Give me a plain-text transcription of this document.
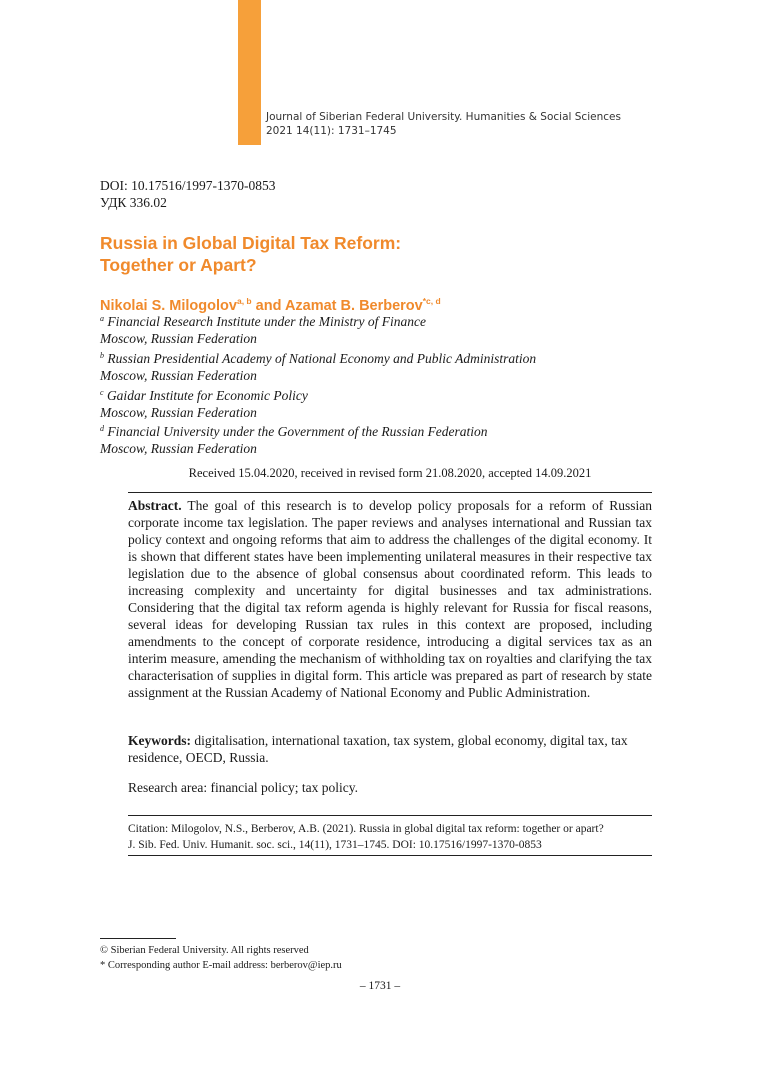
Journal of Siberian Federal University. Humanities & Social Sciences
2021 14(11): 1731–1745
DOI: 10.17516/1997-1370-0853
УДК 336.02
Russia in Global Digital Tax Reform:
Together or Apart?
Nikolai S. Milogolov$^{a, b}$ and Azamat B. Berberov$^{*c, d}$
$^a$ Financial Research Institute under the Ministry of Finance
Moscow, Russian Federation
$^b$ Russian Presidential Academy of National Economy and Public Administration
Moscow, Russian Federation
$^c$ Gaidar Institute for Economic Policy
Moscow, Russian Federation
$^d$ Financial University under the Government of the Russian Federation
Moscow, Russian Federation
Received 15.04.2020, received in revised form 21.08.2020, accepted 14.09.2021
Abstract. The goal of this research is to develop policy proposals for a reform of Russian corporate income tax legislation. The paper reviews and analyses international and Russian tax policy context and ongoing reforms that aim to address the challenges of the digital economy. It is shown that different states have been implementing unilateral measures in their respective tax legislation due to the absence of global consensus about coordinated reform. This leads to increasing complexity and uncertainty for digital businesses and tax administrations. Considering that the digital tax reform agenda is highly relevant for Russia for fiscal reasons, several ideas for developing Russian tax rules in this context are proposed, including amendments to the concept of corporate residence, introducing a digital services tax as an interim measure, amending the mechanism of withholding tax on royalties and clarifying the tax characterisation of supplies in digital form. This article was prepared as part of research by state assignment at the Russian Academy of National Economy and Public Administration.
Keywords: digitalisation, international taxation, tax system, global economy, digital tax, tax residence, OECD, Russia.
Research area: financial policy; tax policy.
Citation: Milogolov, N.S., Berberov, A.B. (2021). Russia in global digital tax reform: together or apart?
J. Sib. Fed. Univ. Humanit. soc. sci., 14(11), 1731–1745. DOI: 10.17516/1997-1370-0853
© Siberian Federal University. All rights reserved
* Corresponding author E-mail address: berberov@iep.ru
– 1731 –
